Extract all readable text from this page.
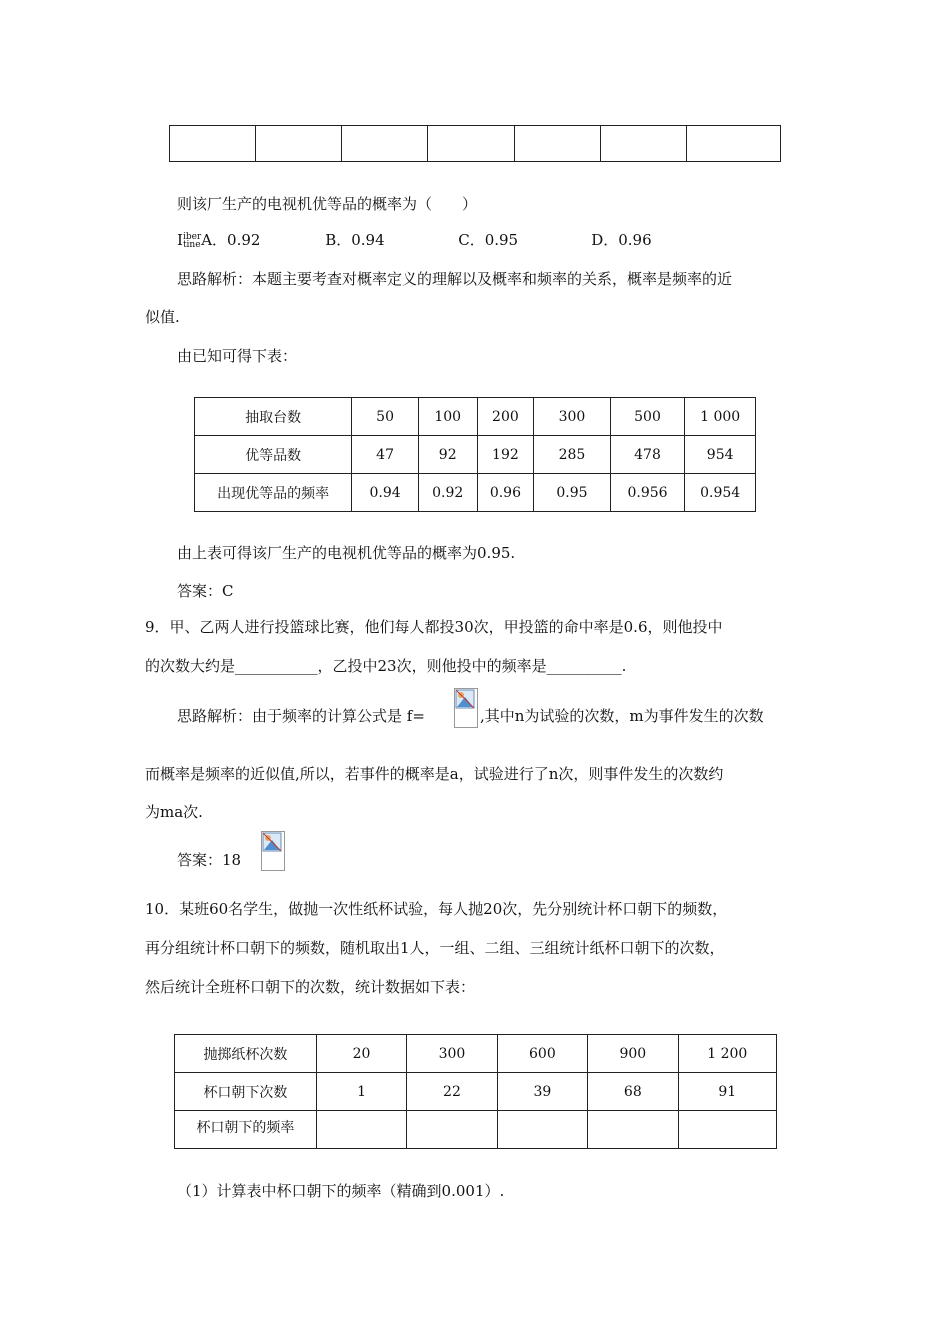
则该厂生产的电视机优等品的概率为（　　）
Ⅰiber
tineA．0.92	B．0.94	C．0.95	D．0.96
思路解析：本题主要考查对概率定义的理解以及概率和频率的关系，概率是频率的近
似值.
由已知可得下表：
抽取台数	50	100	200	300	500	1 000
优等品数	47	92	192	285	478	954
出现优等品的频率	0.94	0.92	0.96	0.95	0.956	0.954
由上表可得该厂生产的电视机优等品的概率为0.95.
答案：C
9．甲、乙两人进行投篮球比赛，他们每人都投30次，甲投篮的命中率是0.6，则他投中
的次数大约是___________，乙投中23次，则他投中的频率是__________.
思路解析：由于频率的计算公式是 f=	,其中n为试验的次数，m为事件发生的次数
而概率是频率的近似值,所以，若事件的概率是a，试验进行了n次，则事件发生的次数约
为ma次.
答案：18
10．某班60名学生，做抛一次性纸杯试验，每人抛20次，先分别统计杯口朝下的频数，
再分组统计杯口朝下的频数，随机取出1人，一组、二组、三组统计纸杯口朝下的次数，
然后统计全班杯口朝下的次数，统计数据如下表：
抛掷纸杯次数	20	300	600	900	1 200
杯口朝下次数	1	22	39	68	91
杯口朝下的频率					
（1）计算表中杯口朝下的频率（精确到0.001）.
